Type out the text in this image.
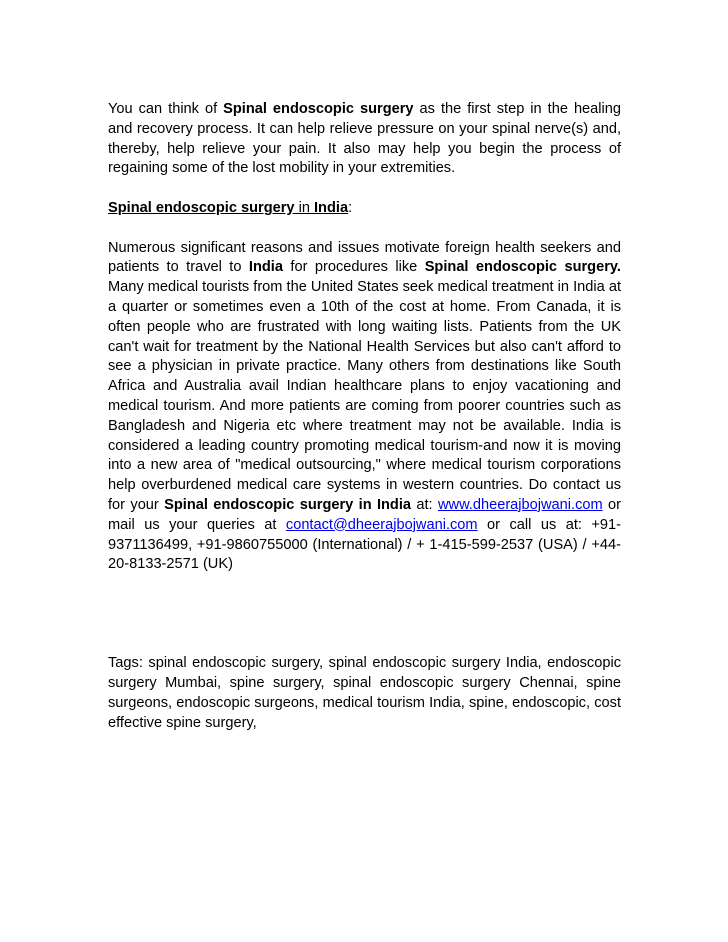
You can think of Spinal endoscopic surgery as the first step in the healing and recovery process. It can help relieve pressure on your spinal nerve(s) and, thereby, help relieve your pain. It also may help you begin the process of regaining some of the lost mobility in your extremities.

Spinal endoscopic surgery in India:

Numerous significant reasons and issues motivate foreign health seekers and patients to travel to India for procedures like Spinal endoscopic surgery. Many medical tourists from the United States seek medical treatment in India at a quarter or sometimes even a 10th of the cost at home. From Canada, it is often people who are frustrated with long waiting lists. Patients from the UK can't wait for treatment by the National Health Services but also can't afford to see a physician in private practice. Many others from destinations like South Africa and Australia avail Indian healthcare plans to enjoy vacationing and medical tourism. And more patients are coming from poorer countries such as Bangladesh and Nigeria etc where treatment may not be available. India is considered a leading country promoting medical tourism-and now it is moving into a new area of "medical outsourcing," where medical tourism corporations help overburdened medical care systems in western countries. Do contact us for your Spinal endoscopic surgery in India at: www.dheerajbojwani.com or mail us your queries at contact@dheerajbojwani.com or call us at: +91-9371136499, +91-9860755000 (International) / + 1-415-599-2537 (USA) / +44-20-8133-2571 (UK)

Tags: spinal endoscopic surgery, spinal endoscopic surgery India, endoscopic surgery Mumbai, spine surgery, spinal endoscopic surgery Chennai, spine surgeons, endoscopic surgeons, medical tourism India, spine, endoscopic, cost effective spine surgery,
